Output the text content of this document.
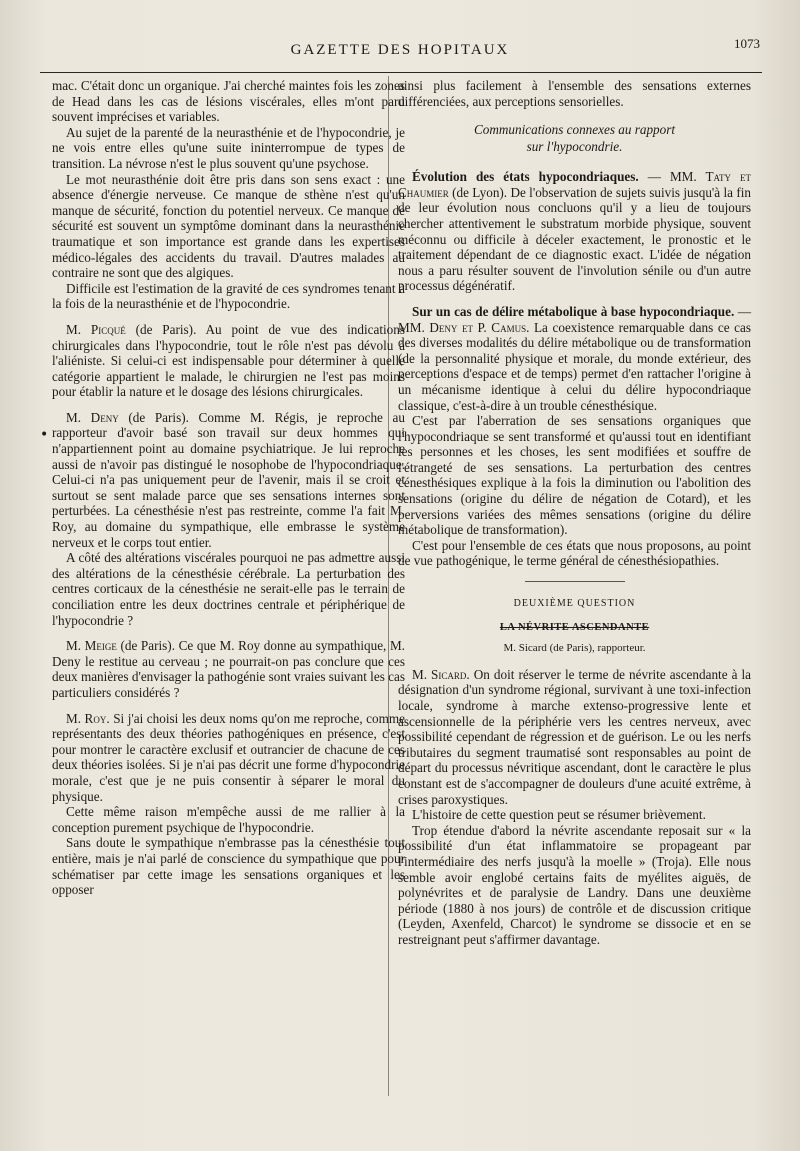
GAZETTE DES HOPITAUX	1073
•

mac. C'était donc un organique. J'ai cherché maintes fois les zones de Head dans les cas de lésions viscérales, elles m'ont paru souvent imprécises et variables.

Au sujet de la parenté de la neurasthénie et de l'hypocondrie, je ne vois entre elles qu'une suite ininterrompue de types de transition. La névrose n'est le plus souvent qu'une psychose.

Le mot neurasthénie doit être pris dans son sens exact : une absence d'énergie nerveuse. Ce manque de sthène n'est qu'un manque de sécurité, fonction du potentiel nerveux. Ce manque de sécurité est souvent un symptôme dominant dans la neurasthénie traumatique et son importance est grande dans les expertises médico-légales des accidents du travail. D'autres malades au contraire ne sont que des algiques.

Difficile est l'estimation de la gravité de ces syndromes tenant à la fois de la neurasthénie et de l'hypocondrie.

M. Picqué (de Paris). Au point de vue des indications chirurgicales dans l'hypocondrie, tout le rôle n'est pas dévolu à l'aliéniste. Si celui-ci est indispensable pour déterminer à quelle catégorie appartient le malade, le chirurgien ne l'est pas moins pour établir la nature et le dosage des lésions chirurgicales.

M. Deny (de Paris). Comme M. Régis, je reproche au rapporteur d'avoir basé son travail sur deux hommes qui n'appartiennent point au domaine psychiatrique. Je lui reproche aussi de n'avoir pas distingué le nosophobe de l'hypocondriaque. Celui-ci n'a pas uniquement peur de l'avenir, mais il se croit et surtout se sent malade parce que ses sensations internes sont perturbées. La cénesthésie n'est pas restreinte, comme l'a fait M. Roy, au domaine du sympathique, elle embrasse le système nerveux et le corps tout entier.

A côté des altérations viscérales pourquoi ne pas admettre aussi des altérations de la cénesthésie cérébrale. La perturbation des centres corticaux de la cénesthésie ne serait-elle pas le terrain de conciliation entre les deux doctrines centrale et périphérique de l'hypocondrie ?

M. Meige (de Paris). Ce que M. Roy donne au sympathique, M. Deny le restitue au cerveau ; ne pourrait-on pas conclure que ces deux manières d'envisager la pathogénie sont vraies suivant les cas particuliers considérés ?

M. Roy. Si j'ai choisi les deux noms qu'on me reproche, comme représentants des deux théories pathogéniques en présence, c'est pour montrer le caractère exclusif et outrancier de chacune de ces deux théories isolées. Si je n'ai pas décrit une forme d'hypocondrie morale, c'est que je ne puis consentir à séparer le moral du physique.

Cette même raison m'empêche aussi de me rallier à la conception purement psychique de l'hypocondrie.

Sans doute le sympathique n'embrasse pas la cénesthésie tout entière, mais je n'ai parlé de conscience du sympathique que pour schématiser par cette image les sensations organiques et les opposer

ainsi plus facilement à l'ensemble des sensations externes différenciées, aux perceptions sensorielles.

Communications connexes au rapport
sur l'hypocondrie.

Évolution des états hypocondriaques. — MM. Taty et Chaumier (de Lyon). De l'observation de sujets suivis jusqu'à la fin de leur évolution nous concluons qu'il y a lieu de toujours chercher attentivement le substratum morbide physique, souvent méconnu ou difficile à déceler exactement, le pronostic et le traitement dépendant de ce diagnostic exact. L'idée de négation nous a paru résulter souvent de l'involution sénile ou d'un autre processus dégénératif.

Sur un cas de délire métabolique à base hypocondriaque. — MM. Deny et P. Camus. La coexistence remarquable dans ce cas des diverses modalités du délire métabolique ou de transformation (de la personnalité physique et morale, du monde extérieur, des perceptions d'espace et de temps) permet d'en rattacher l'origine à un mécanisme identique à celui du délire hypocondriaque classique, c'est-à-dire à un trouble cénesthésique.

C'est par l'aberration de ses sensations organiques que l'hypocondriaque se sent transformé et qu'aussi tout en identifiant les personnes et les choses, les sent modifiées et souffre de l'étrangeté de ses sensations. La perturbation des centres cénesthésiques explique à la fois la diminution ou l'abolition des sensations (origine du délire de négation de Cotard), et les perversions variées des mêmes sensations (origine du délire métabolique de transformation).

C'est pour l'ensemble de ces états que nous proposons, au point de vue pathogénique, le terme général de cénesthésiopathies.

DEUXIÈME QUESTION
LA NÉVRITE ASCENDANTE
M. Sicard (de Paris), rapporteur.

M. Sicard. On doit réserver le terme de névrite ascendante à la désignation d'un syndrome régional, survivant à une toxi-infection locale, syndrome à marche extenso-progressive lente et ascensionnelle de la périphérie vers les centres nerveux, avec possibilité cependant de régression et de guérison. Le ou les nerfs tributaires du segment traumatisé sont responsables au point de départ du processus névritique ascendant, dont le caractère le plus constant est de s'accompagner de douleurs d'une acuité extrême, à crises paroxystiques.

L'histoire de cette question peut se résumer brièvement.

Trop étendue d'abord la névrite ascendante reposait sur « la possibilité d'un état inflammatoire se propageant par l'intermédiaire des nerfs jusqu'à la moelle » (Troja). Elle nous semble avoir englobé certains faits de myélites aiguës, de polynévrites et de paralysie de Landry. Dans une deuxième période (1880 à nos jours) de contrôle et de discussion critique (Leyden, Axenfeld, Charcot) le syndrome se dissocie et en se restreignant peut s'affirmer davantage.
